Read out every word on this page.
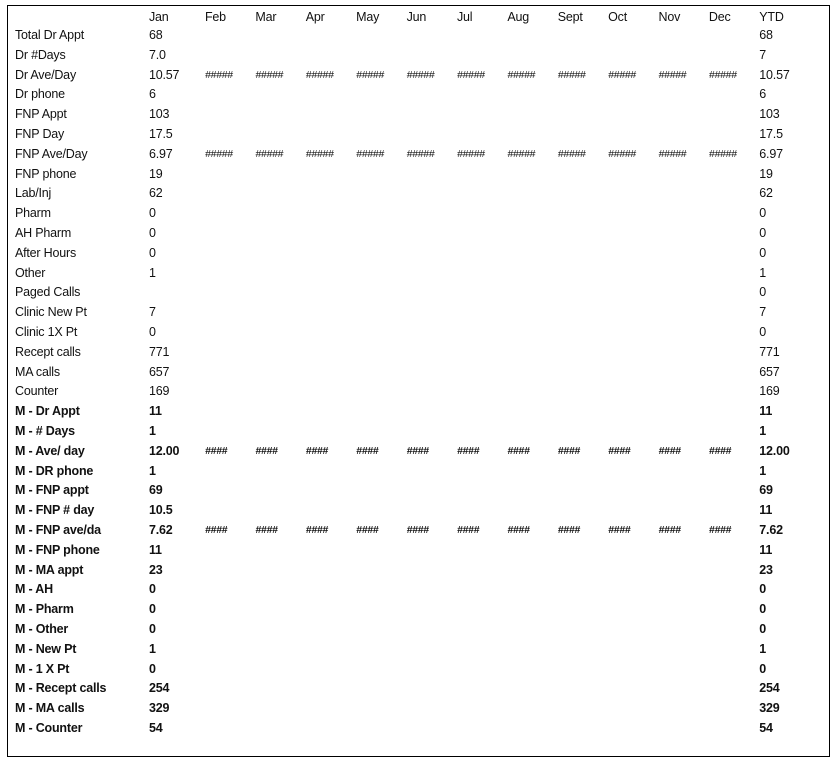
	Jan	Feb	Mar	Apr	May	Jun	Jul	Aug	Sept	Oct	Nov	Dec	YTD
Total Dr Appt	68												68
Dr #Days	7.0												7
Dr Ave/Day	10.57	#####	#####	#####	#####	#####	#####	#####	#####	#####	#####	#####	10.57
Dr phone	6												6
FNP Appt	103												103
FNP Day	17.5												17.5
FNP Ave/Day	6.97	#####	#####	#####	#####	#####	#####	#####	#####	#####	#####	#####	6.97
FNP phone	19												19
Lab/Inj	62												62
Pharm	0												0
AH Pharm	0												0
After Hours	0												0
Other	1												1
Paged Calls													0
Clinic New Pt	7												7
Clinic 1X Pt	0												0
Recept calls	771												771
MA calls	657												657
Counter	169												169
M - Dr Appt	11												11
M - # Days	1												1
M - Ave/ day	12.00	####	####	####	####	####	####	####	####	####	####	####	12.00
M - DR phone	1												1
M - FNP appt	69												69
M - FNP # day	10.5												11
M - FNP ave/da	7.62	####	####	####	####	####	####	####	####	####	####	####	7.62
M - FNP phone	11												11
M - MA appt	23												23
M - AH	0												0
M - Pharm	0												0
M - Other	0												0
M - New Pt	1												1
M - 1 X Pt	0												0
M - Recept calls	254												254
M - MA calls	329												329
M - Counter	54												54
